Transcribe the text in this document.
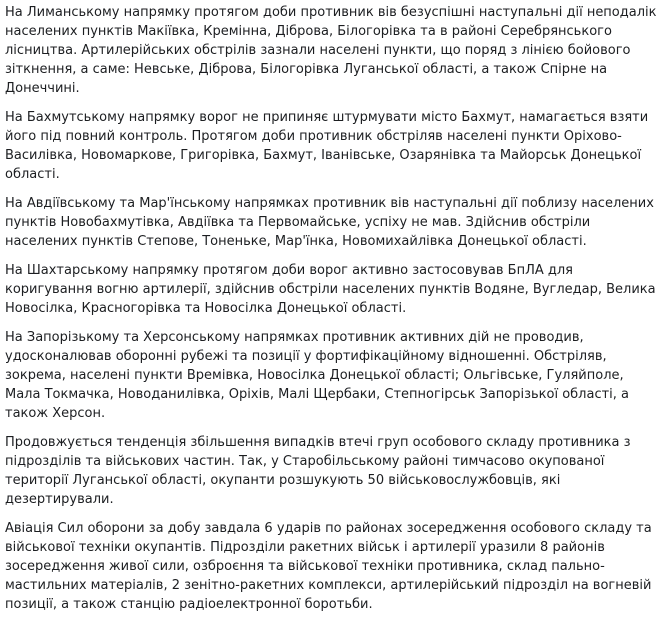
На Лиманському напрямку протягом доби противник вів безуспішні наступальні дії неподалік населених пунктів Макіївка, Кремінна, Діброва, Білогорівка та в районі Серебрянського лісництва. Артилерійських обстрілів зазнали населені пункти, що поряд з лінією бойового зіткнення, а саме: Невське, Діброва, Білогорівка Луганської області, а також Спірне на Донеччині.

На Бахмутському напрямку ворог не припиняє штурмувати місто Бахмут, намагається взяти його під повний контроль. Протягом доби противник обстріляв населені пункти Оріхово-Василівка, Новомаркове, Григорівка, Бахмут, Іванівське, Озарянівка та Майорськ Донецької області.

На Авдіївському та Мар'їнському напрямках противник вів наступальні дії поблизу населених пунктів Новобахмутівка, Авдіївка та Первомайське, успіху не мав. Здійснив обстріли населених пунктів Степове, Тоненьке, Мар'їнка, Новомихайлівка Донецької області.

На Шахтарському напрямку протягом доби ворог активно застосовував БпЛА для коригування вогню артилерії, здійснив обстріли населених пунктів Водяне, Вугледар, Велика Новосілка, Красногорівка та Новосілка Донецької області.

На Запорізькому та Херсонському напрямках противник активних дій не проводив, удосконалював оборонні рубежі та позиції у фортифікаційному відношенні. Обстріляв, зокрема, населені пункти Времівка, Новосілка Донецької області; Ольгівське, Гуляйполе, Мала Токмачка, Новоданилівка, Оріхів, Малі Щербаки, Степногірськ Запорізької області, а також Херсон.

Продовжується тенденція збільшення випадків втечі груп особового складу противника з підрозділів та військових частин. Так, у Старобільському районі тимчасово окупованої території Луганської області, окупанти розшукують 50 військовослужбовців, які дезертирували.

Авіація Сил оборони за добу завдала 6 ударів по районах зосередження особового складу та військової техніки окупантів. Підрозділи ракетних військ і артилерії уразили 8 районів зосередження живої сили, озброєння та військової техніки противника, склад пально-мастильних матеріалів, 2 зенітно-ракетних комплекси, артилерійський підрозділ на вогневій позиції, а також станцію радіоелектронної боротьби.
